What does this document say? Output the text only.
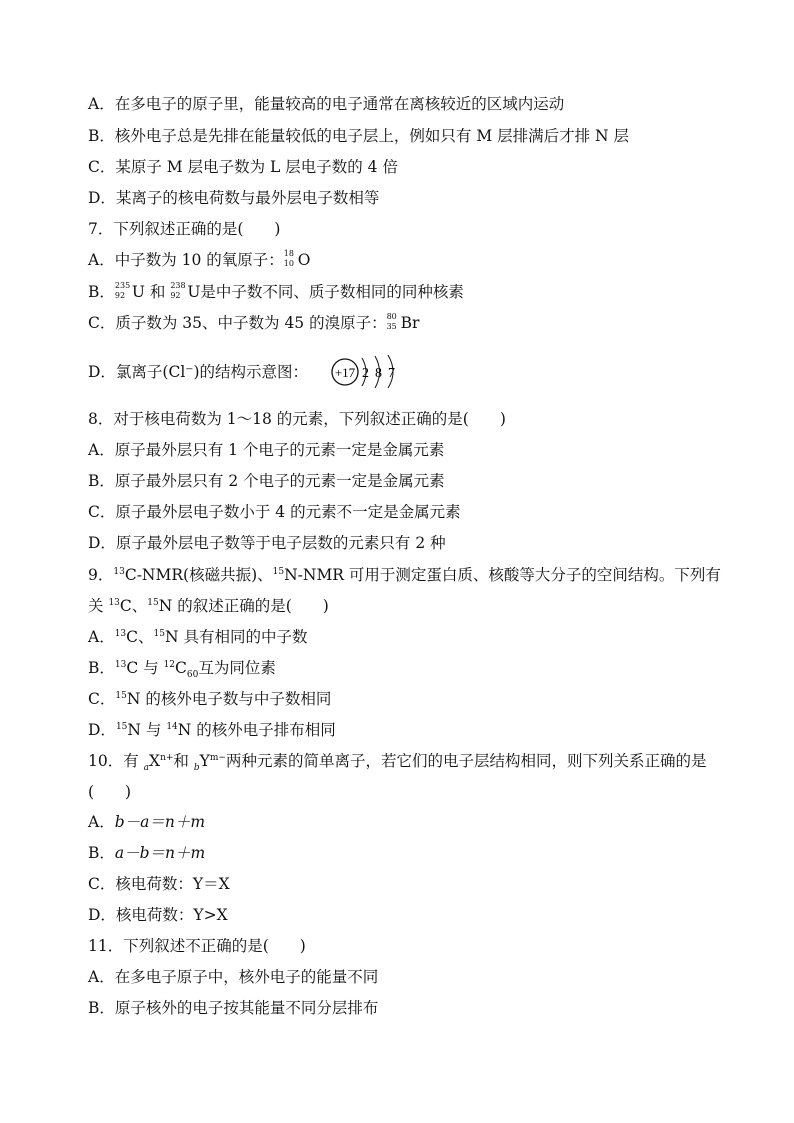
A．在多电子的原子里，能量较高的电子通常在离核较近的区域内运动
B．核外电子总是先排在能量较低的电子层上，例如只有 M 层排满后才排 N 层
C．某原子 M 层电子数为 L 层电子数的 4 倍
D．某离子的核电荷数与最外层电子数相等
7．下列叙述正确的是(　　)
A．中子数为 10 的氧原子： 18
10 O
B． 235
92 U 和 238
92 U是中子数不同、质子数相同的同种核素
C．质子数为 35、中子数为 45 的溴原子： 80
35 Br
D．氯离子(Cl⁻)的结构示意图： +17 2 8 7
8．对于核电荷数为 1～18 的元素，下列叙述正确的是(　　)
A．原子最外层只有 1 个电子的元素一定是金属元素
B．原子最外层只有 2 个电子的元素一定是金属元素
C．原子最外层电子数小于 4 的元素不一定是金属元素
D．原子最外层电子数等于电子层数的元素只有 2 种
9．$^{13}$C-NMR(核磁共振)、$^{15}$N-NMR 可用于测定蛋白质、核酸等大分子的空间结构。下列有
关 $^{13}$C、$^{15}$N 的叙述正确的是(　　)
A．$^{13}$C、$^{15}$N 具有相同的中子数
B．$^{13}$C 与 $^{12}C_{60}$互为同位素
C．$^{15}$N 的核外电子数与中子数相同
D．$^{15}$N 与 $^{14}$N 的核外电子排布相同
10．有 $_aX^{n+}$和 $_bY^{m-}$两种元素的简单离子，若它们的电子层结构相同，则下列关系正确的是
(　　)
A．b－a＝n＋m
B．a－b＝n＋m
C．核电荷数：Y＝X
D．核电荷数：Y>X
11．下列叙述不正确的是(　　)
A．在多电子原子中，核外电子的能量不同
B．原子核外的电子按其能量不同分层排布
